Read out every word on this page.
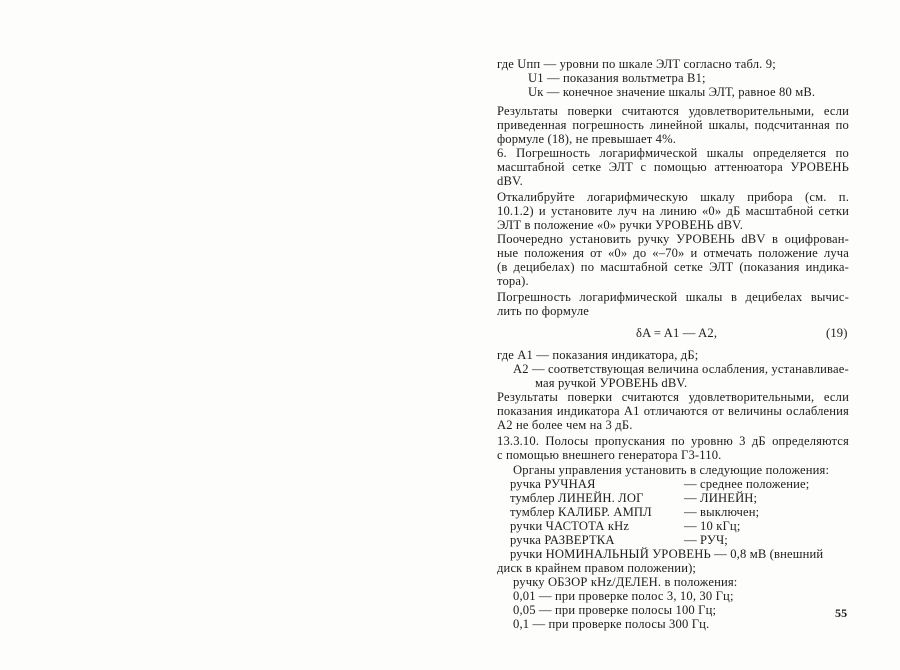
где Uпп — уровни по шкале ЭЛТ согласно табл. 9;
U1 — показания вольтметра В1;
Uк — конечное значение шкалы ЭЛТ, равное 80 мВ.
Результаты поверки считаются удовлетворительными, если
приведенная погрешность линейной шкалы, подсчитанная по
формуле (18), не превышает 4%.
6. Погрешность логарифмической шкалы определяется по
масштабной сетке ЭЛТ с помощью аттенюатора УРОВЕНЬ
dBV.
Откалибруйте логарифмическую шкалу прибора (см. п.
10.1.2) и установите луч на линию «0» дБ масштабной сетки
ЭЛТ в положение «0» ручки УРОВЕНЬ dBV.
Поочередно установить ручку УРОВЕНЬ dBV в оцифрован-
ные положения от «0» до «–70» и отмечать положение луча
(в децибелах) по масштабной сетке ЭЛТ (показания индика-
тора).
Погрешность логарифмической шкалы в децибелах вычис-
лить по формуле
δA = A1 — A2,	(19)
где A1 — показания индикатора, дБ;
A2 — соответствующая величина ослабления, устанавливае-
мая ручкой УРОВЕНЬ dBV.
Результаты поверки считаются удовлетворительными, если
показания индикатора A1 отличаются от величины ослабления
A2 не более чем на 3 дБ.
13.3.10. Полосы пропускания по уровню 3 дБ определяются
с помощью внешнего генератора Г3-110.
Органы управления установить в следующие положения:
ручка РУЧНАЯ	— среднее положение;
тумблер ЛИНЕЙН. ЛОГ	— ЛИНЕЙН;
тумблер КАЛИБР. АМПЛ	— выключен;
ручки ЧАСТОТА кHz	— 10 кГц;
ручка РАЗВЕРТКА	— РУЧ;
ручки НОМИНАЛЬНЫЙ УРОВЕНЬ — 0,8 мВ (внешний
диск в крайнем правом положении);
ручку ОБЗОР кHz/ДЕЛЕН. в положения:
0,01 — при проверке полос 3, 10, 30 Гц;
0,05 — при проверке полосы 100 Гц;
0,1 — при проверке полосы 300 Гц.
55
